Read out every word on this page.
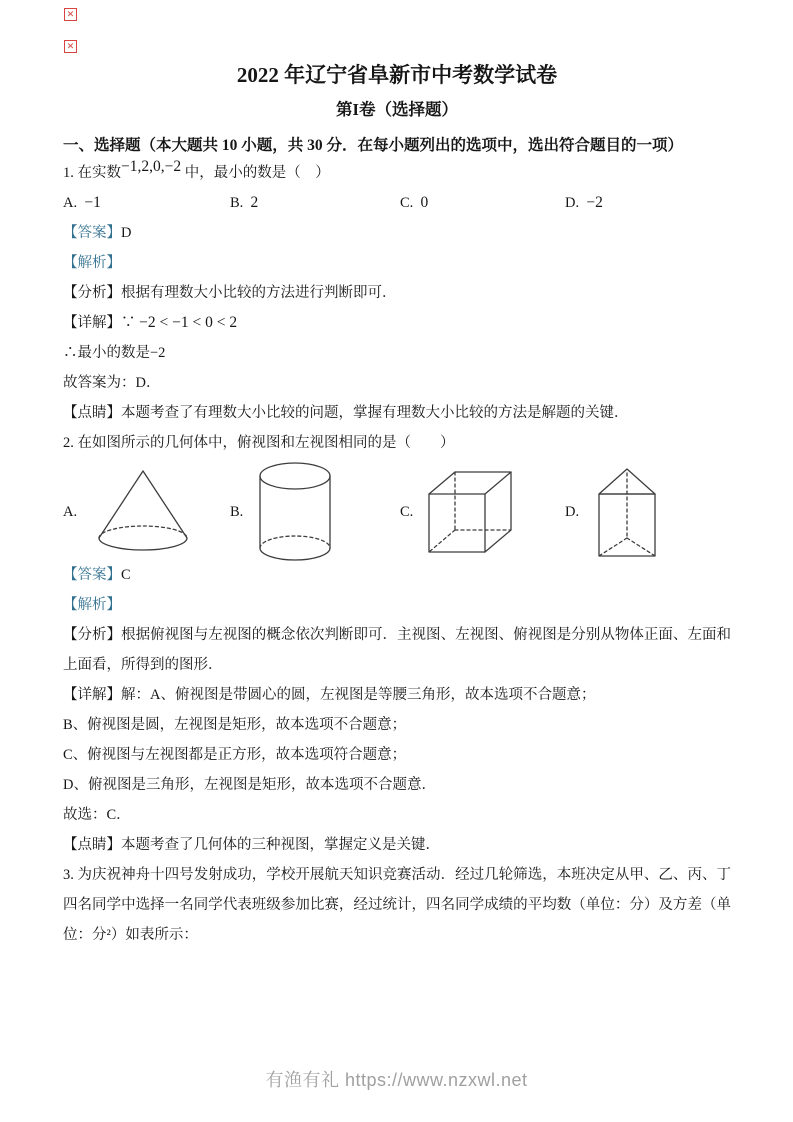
✕
✕
2022 年辽宁省阜新市中考数学试卷
第I卷（选择题）
一、选择题（本大题共 10 小题，共 30 分．在每小题列出的选项中，选出符合题目的一项）

1. 在实数−1,2,0,−2 中，最小的数是（　）

A. −1	B. 2	C. 0	D. −2

【答案】D

【解析】

【分析】根据有理数大小比较的方法进行判断即可．

【详解】∵ −2 < −1 < 0 < 2

∴最小的数是−2

故答案为：D．

【点睛】本题考查了有理数大小比较的问题，掌握有理数大小比较的方法是解题的关键．

2. 在如图所示的几何体中，俯视图和左视图相同的是（　　）

A.	B.	C.	D.

【答案】C

【解析】

【分析】根据俯视图与左视图的概念依次判断即可．主视图、左视图、俯视图是分别从物体正面、左面和上面看，所得到的图形．

【详解】解：A、俯视图是带圆心的圆，左视图是等腰三角形，故本选项不合题意；

B、俯视图是圆，左视图是矩形，故本选项不合题意；

C、俯视图与左视图都是正方形，故本选项符合题意；

D、俯视图是三角形，左视图是矩形，故本选项不合题意．

故选：C．

【点睛】本题考查了几何体的三种视图，掌握定义是关键．

3. 为庆祝神舟十四号发射成功，学校开展航天知识竞赛活动．经过几轮筛选，本班决定从甲、乙、丙、丁四名同学中选择一名同学代表班级参加比赛，经过统计，四名同学成绩的平均数（单位：分）及方差（单位：分²）如表所示：

有渔有礼 https://www.nzxwl.net
